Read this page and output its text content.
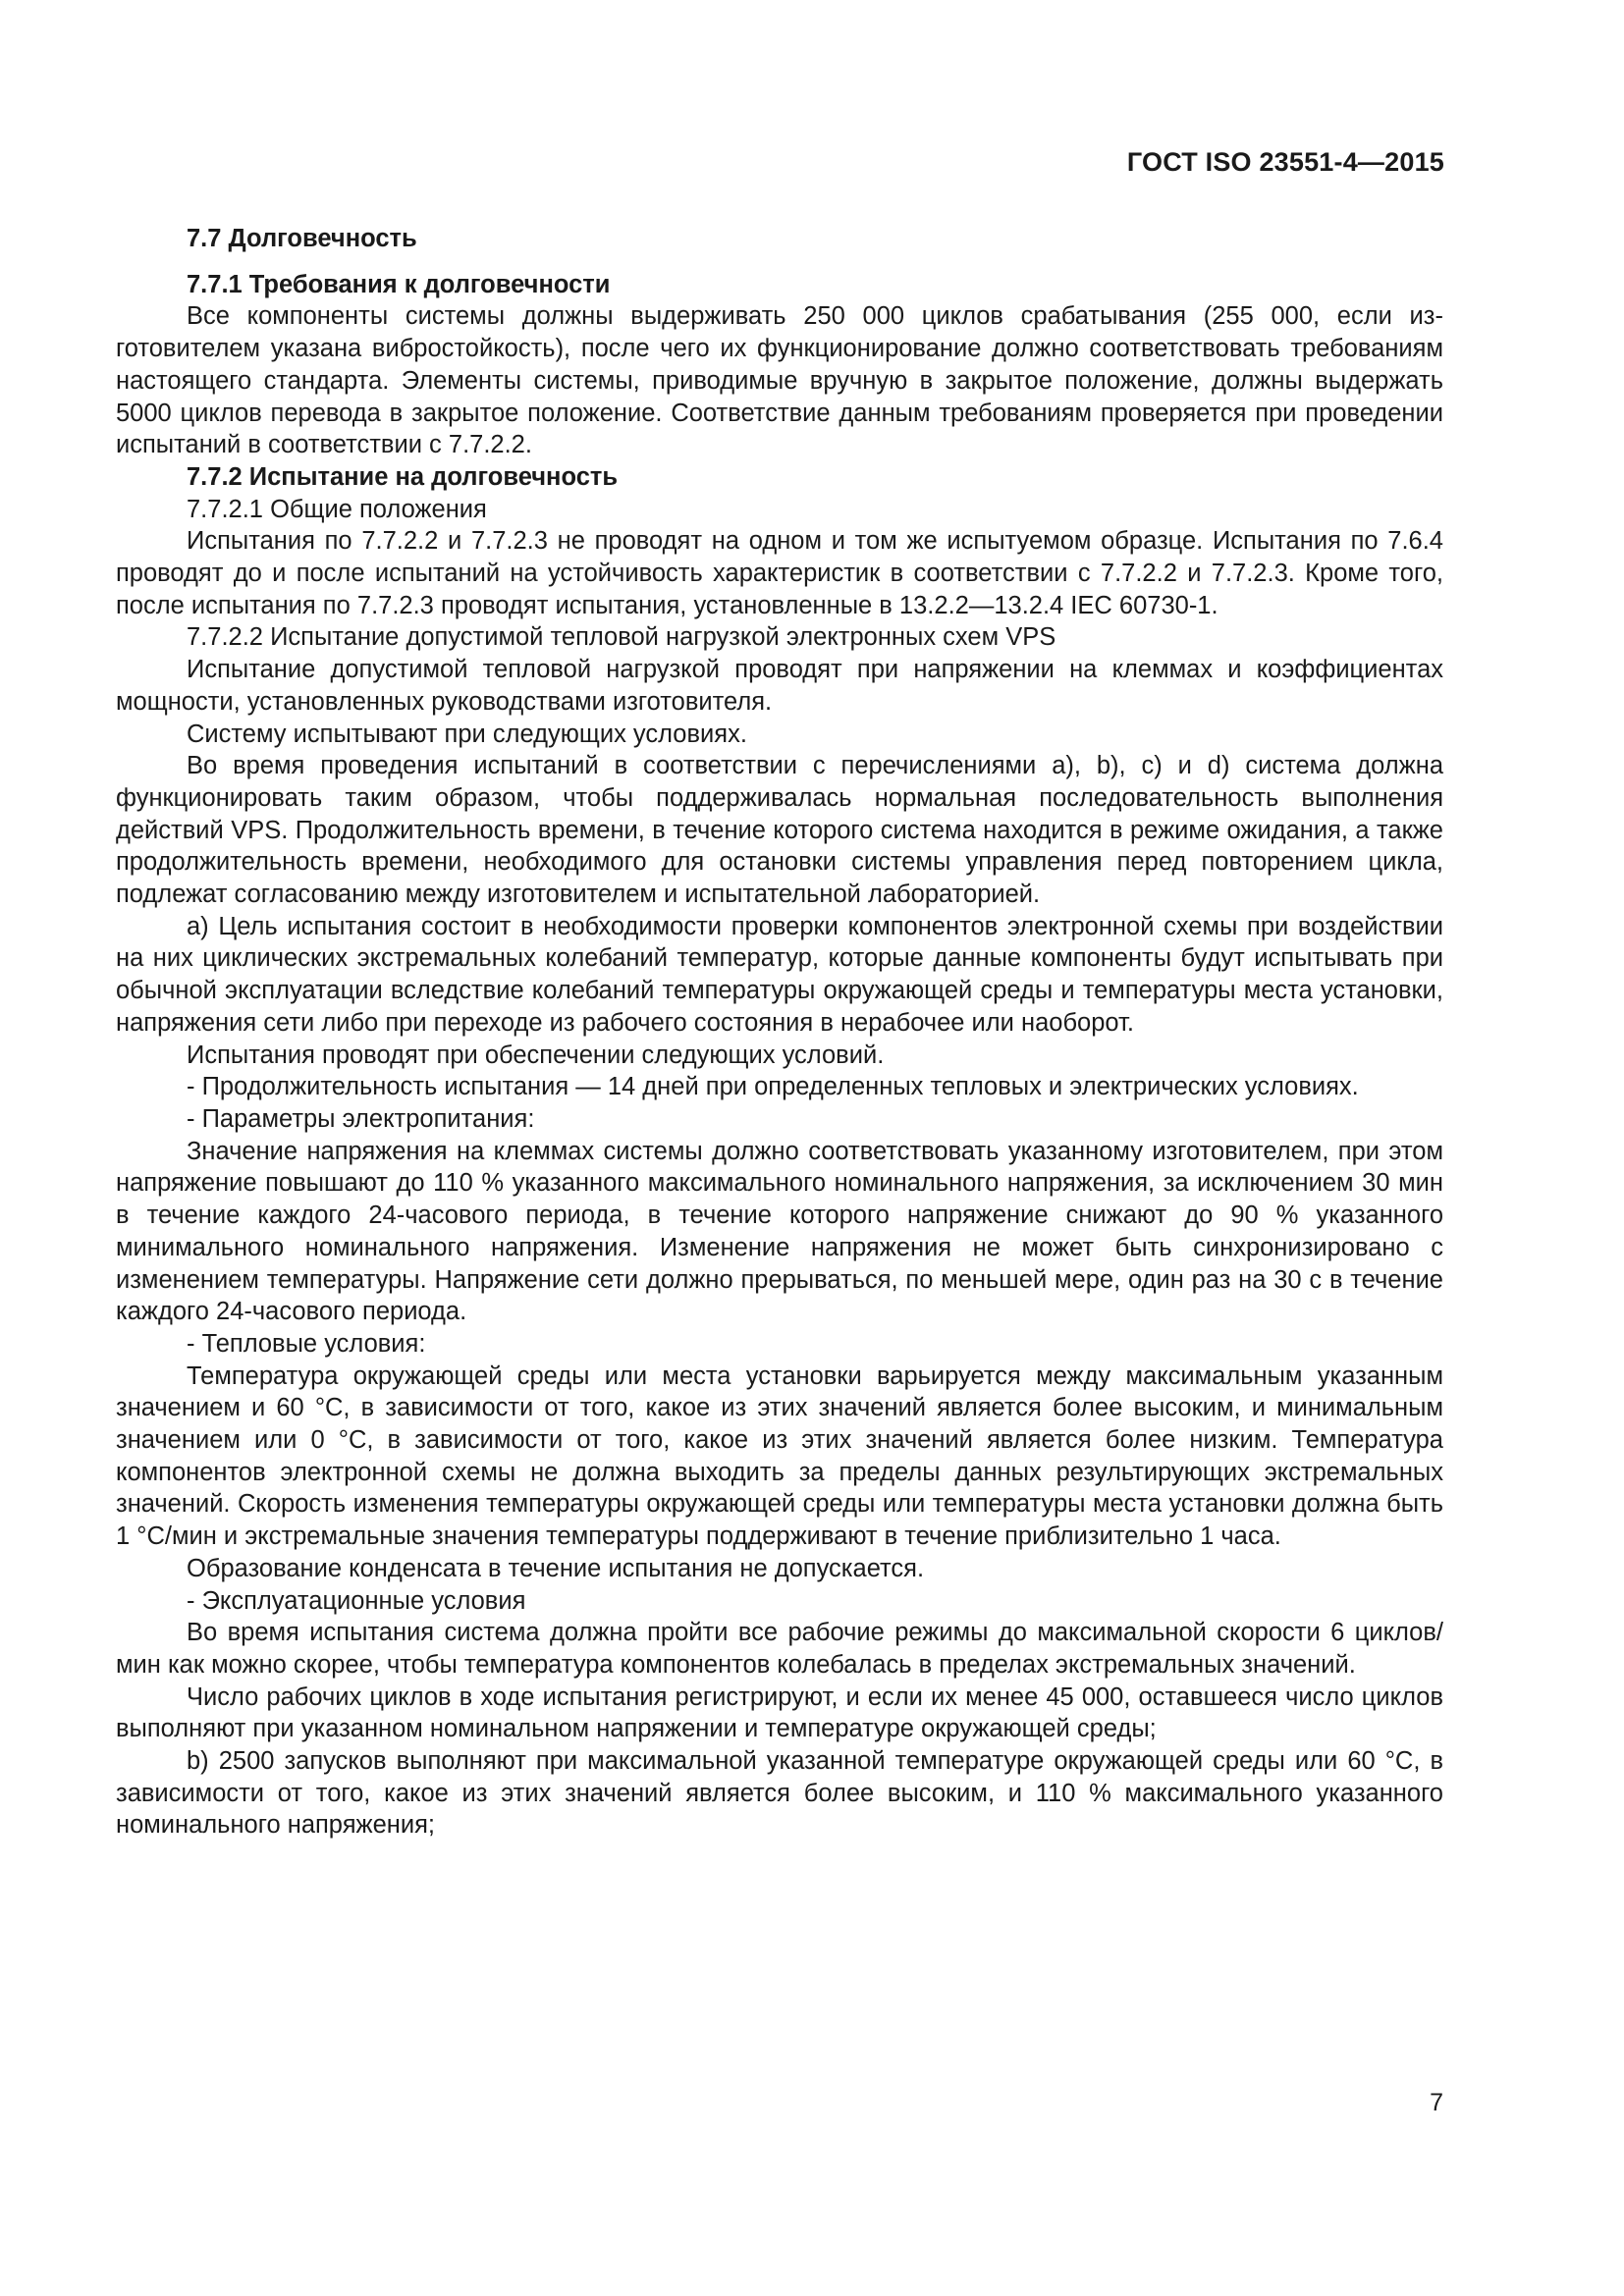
ГОСТ ISO 23551-4—2015

7.7 Долговечность

7.7.1 Требования к долговечности

Все компоненты системы должны выдерживать 250 000 циклов срабатывания (255 000, если изготовителем указана вибростойкость), после чего их функционирование должно соответствовать требованиям настоящего стандарта. Элементы системы, приводимые вручную в закрытое положение, должны выдержать 5000 циклов перевода в закрытое положение. Соответствие данным требованиям проверяется при проведении испытаний в соответствии с 7.7.2.2.

7.7.2 Испытание на долговечность

7.7.2.1 Общие положения

Испытания по 7.7.2.2 и 7.7.2.3 не проводят на одном и том же испытуемом образце. Испытания по 7.6.4 проводят до и после испытаний на устойчивость характеристик в соответствии с 7.7.2.2 и 7.7.2.3. Кроме того, после испытания по 7.7.2.3 проводят испытания, установленные в 13.2.2—13.2.4 IEC 60730-1.

7.7.2.2 Испытание допустимой тепловой нагрузкой электронных схем VPS

Испытание допустимой тепловой нагрузкой проводят при напряжении на клеммах и коэффициентах мощности, установленных руководствами изготовителя.

Систему испытывают при следующих условиях.

Во время проведения испытаний в соответствии с перечислениями а), b), с) и d) система должна функционировать таким образом, чтобы поддерживалась нормальная последовательность выполнения действий VPS. Продолжительность времени, в течение которого система находится в режиме ожидания, а также продолжительность времени, необходимого для остановки системы управления перед повторением цикла, подлежат согласованию между изготовителем и испытательной лабораторией.

а) Цель испытания состоит в необходимости проверки компонентов электронной схемы при воздействии на них циклических экстремальных колебаний температур, которые данные компоненты будут испытывать при обычной эксплуатации вследствие колебаний температуры окружающей среды и температуры места установки, напряжения сети либо при переходе из рабочего состояния в нерабочее или наоборот.

Испытания проводят при обеспечении следующих условий.

- Продолжительность испытания — 14 дней при определенных тепловых и электрических условиях.

- Параметры электропитания:

Значение напряжения на клеммах системы должно соответствовать указанному изготовителем, при этом напряжение повышают до 110 % указанного максимального номинального напряжения, за исключением 30 мин в течение каждого 24-часового периода, в течение которого напряжение снижают до 90 % указанного минимального номинального напряжения. Изменение напряжения не может быть синхронизировано с изменением температуры. Напряжение сети должно прерываться, по меньшей мере, один раз на 30 с в течение каждого 24-часового периода.

- Тепловые условия:

Температура окружающей среды или места установки варьируется между максимальным указанным значением и 60 °С, в зависимости от того, какое из этих значений является более высоким, и минимальным значением или 0 °С, в зависимости от того, какое из этих значений является более низким. Температура компонентов электронной схемы не должна выходить за пределы данных результирующих экстремальных значений. Скорость изменения температуры окружающей среды или температуры места установки должна быть 1 °С/мин и экстремальные значения температуры поддерживают в течение приблизительно 1 часа.

Образование конденсата в течение испытания не допускается.

- Эксплуатационные условия

Во время испытания система должна пройти все рабочие режимы до максимальной скорости 6 циклов/мин как можно скорее, чтобы температура компонентов колебалась в пределах экстремальных значений.

Число рабочих циклов в ходе испытания регистрируют, и если их менее 45 000, оставшееся число циклов выполняют при указанном номинальном напряжении и температуре окружающей среды;

b) 2500 запусков выполняют при максимальной указанной температуре окружающей среды или 60 °С, в зависимости от того, какое из этих значений является более высоким, и 110 % максимального указанного номинального напряжения;

7
